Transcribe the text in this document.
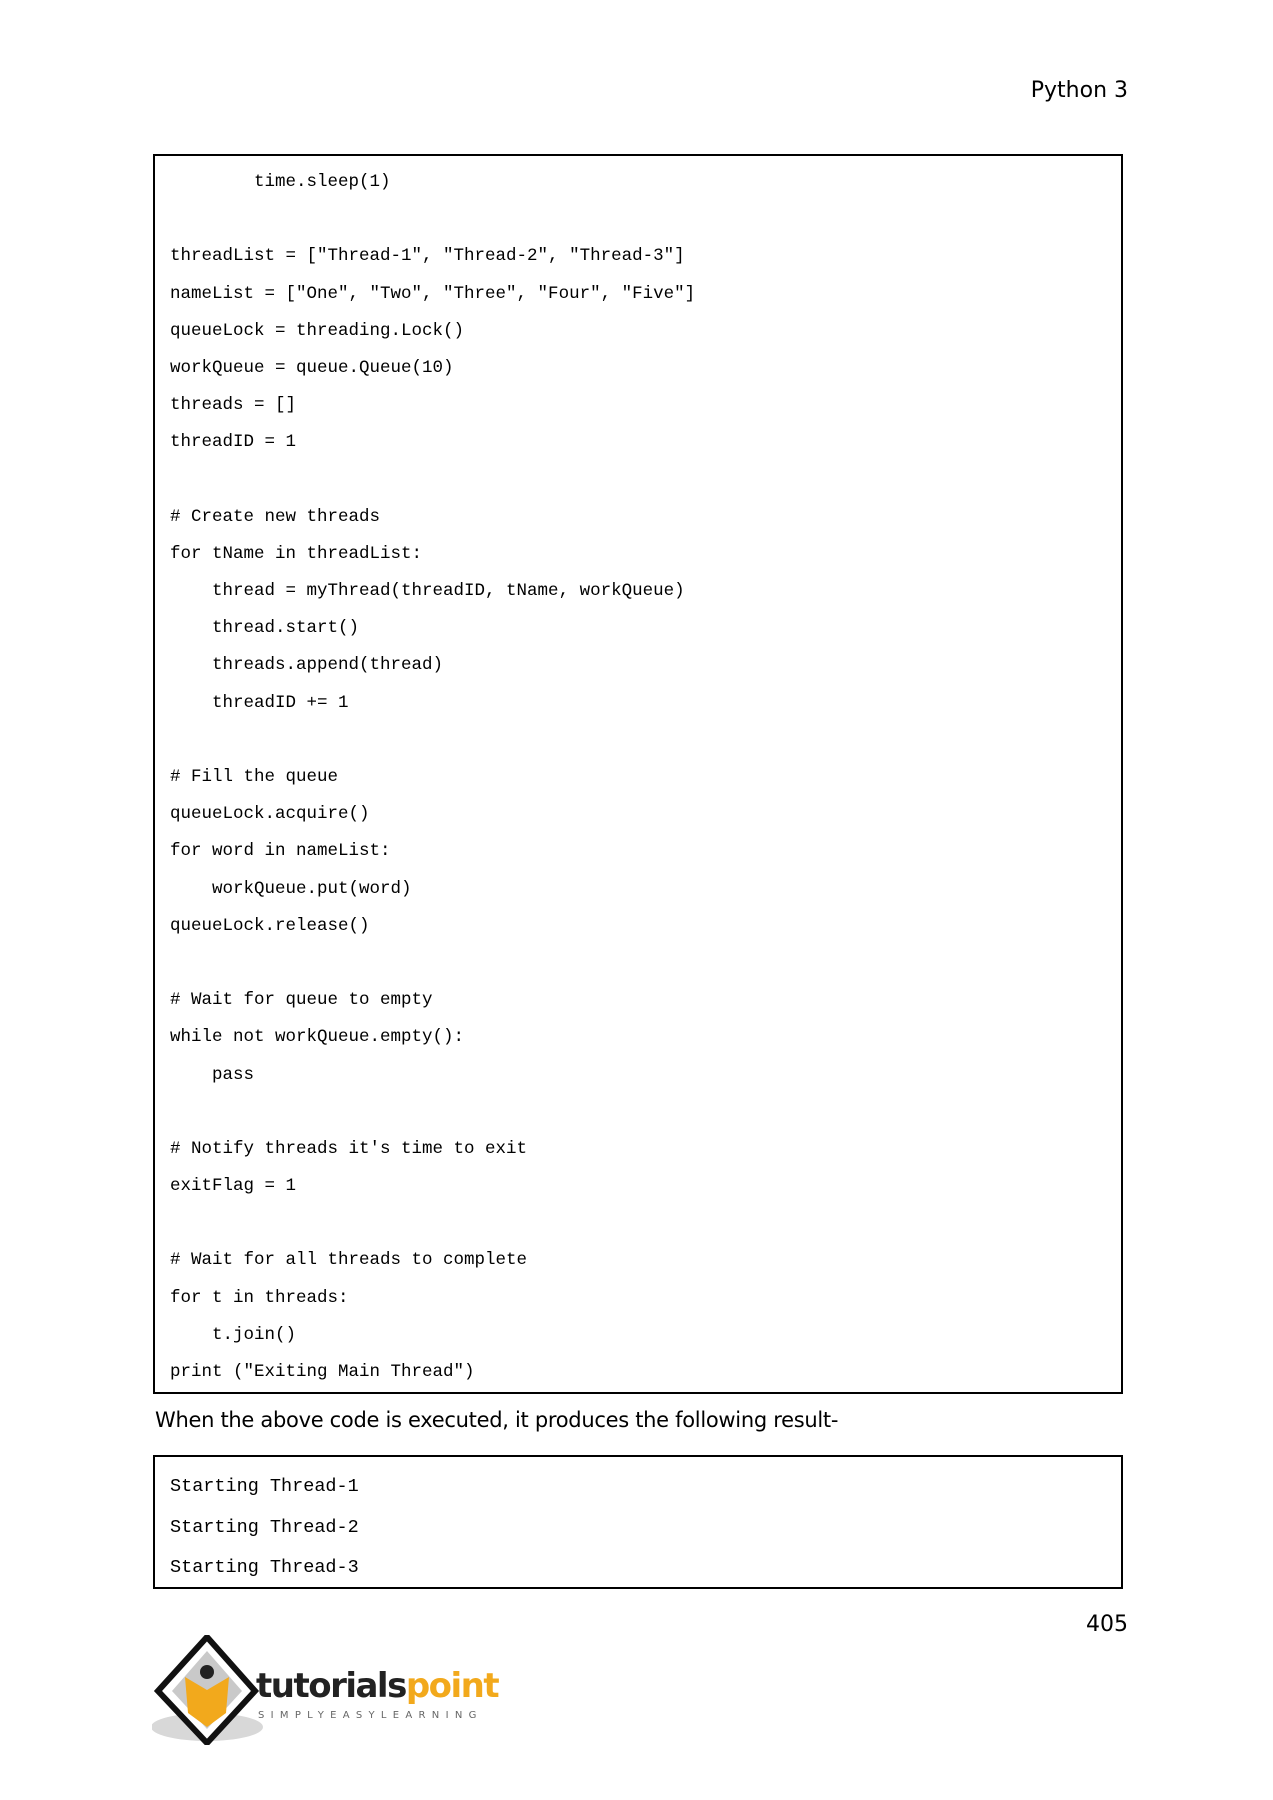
Python 3
time.sleep(1)
threadList = ["Thread-1", "Thread-2", "Thread-3"]
nameList = ["One", "Two", "Three", "Four", "Five"]
queueLock = threading.Lock()
workQueue = queue.Queue(10)
threads = []
threadID = 1
# Create new threads
for tName in threadList:
thread = myThread(threadID, tName, workQueue)
thread.start()
threads.append(thread)
threadID += 1
# Fill the queue
queueLock.acquire()
for word in nameList:
workQueue.put(word)
queueLock.release()
# Wait for queue to empty
while not workQueue.empty():
pass
# Notify threads it's time to exit
exitFlag = 1
# Wait for all threads to complete
for t in threads:
t.join()
print ("Exiting Main Thread")
When the above code is executed, it produces the following result-
Starting Thread-1
Starting Thread-2
Starting Thread-3
405
tutorialspoint
SIMPLYEASYLEARNING
